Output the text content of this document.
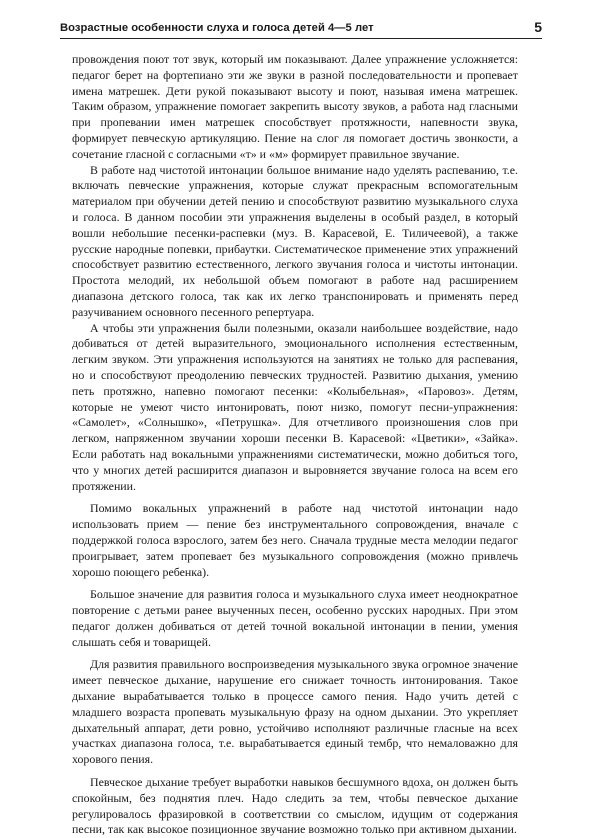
Возрастные особенности слуха и голоса детей 4—5 лет	5

провождения поют тот звук, который им показывают. Далее упражнение усложняется: педагог берет на фортепиано эти же звуки в разной последовательности и пропевает имена матрешек. Дети рукой показывают высоту и поют, называя имена матрешек. Таким образом, упражнение помогает закрепить высоту звуков, а работа над гласными при пропевании имен матрешек способствует протяжности, напевности звука, формирует певческую артикуляцию. Пение на слог ля помогает достичь звонкости, а сочетание гласной с согласными «т» и «м» формирует правильное звучание.

В работе над чистотой интонации большое внимание надо уделять распеванию, т.е. включать певческие упражнения, которые служат прекрасным вспомогательным материалом при обучении детей пению и способствуют развитию музыкального слуха и голоса. В данном пособии эти упражнения выделены в особый раздел, в который вошли небольшие песенки-распевки (муз. В. Карасевой, Е. Тиличеевой), а также русские народные попевки, прибаутки. Систематическое применение этих упражнений способствует развитию естественного, легкого звучания голоса и чистоты интонации. Простота мелодий, их небольшой объем помогают в работе над расширением диапазона детского голоса, так как их легко транспонировать и применять перед разучиванием основного песенного репертуара.

А чтобы эти упражнения были полезными, оказали наибольшее воздействие, надо добиваться от детей выразительного, эмоционального исполнения естественным, легким звуком. Эти упражнения используются на занятиях не только для распевания, но и способствуют преодолению певческих трудностей. Развитию дыхания, умению петь протяжно, напевно помогают песенки: «Колыбельная», «Паровоз». Детям, которые не умеют чисто интонировать, поют низко, помогут песни-упражнения: «Самолет», «Солнышко», «Петрушка». Для отчетливого произношения слов при легком, напряженном звучании хороши песенки В. Карасевой: «Цветики», «Зайка». Если работать над вокальными упражнениями систематически, можно добиться того, что у многих детей расширится диапазон и выровняется звучание голоса на всем его протяжении.

Помимо вокальных упражнений в работе над чистотой интонации надо использовать прием — пение без инструментального сопровождения, вначале с поддержкой голоса взрослого, затем без него. Сначала трудные места мелодии педагог проигрывает, затем пропевает без музыкального сопровождения (можно привлечь хорошо поющего ребенка).

Большое значение для развития голоса и музыкального слуха имеет неоднократное повторение с детьми ранее выученных песен, особенно русских народных. При этом педагог должен добиваться от детей точной вокальной интонации в пении, умения слышать себя и товарищей.

Для развития правильного воспроизведения музыкального звука огромное значение имеет певческое дыхание, нарушение его снижает точность интонирования. Такое дыхание вырабатывается только в процессе самого пения. Надо учить детей с младшего возраста пропевать музыкальную фразу на одном дыхании. Это укрепляет дыхательный аппарат, дети ровно, устойчиво исполняют различные гласные на всех участках диапазона голоса, т.е. вырабатывается единый тембр, что немаловажно для хорового пения.

Певческое дыхание требует выработки навыков бесшумного вдоха, он должен быть спокойным, без поднятия плеч. Надо следить за тем, чтобы певческое дыхание регулировалось фразировкой в соответствии со смыслом, идущим от содержания песни, так как высокое позиционное звучание возможно только при активном дыхании.
